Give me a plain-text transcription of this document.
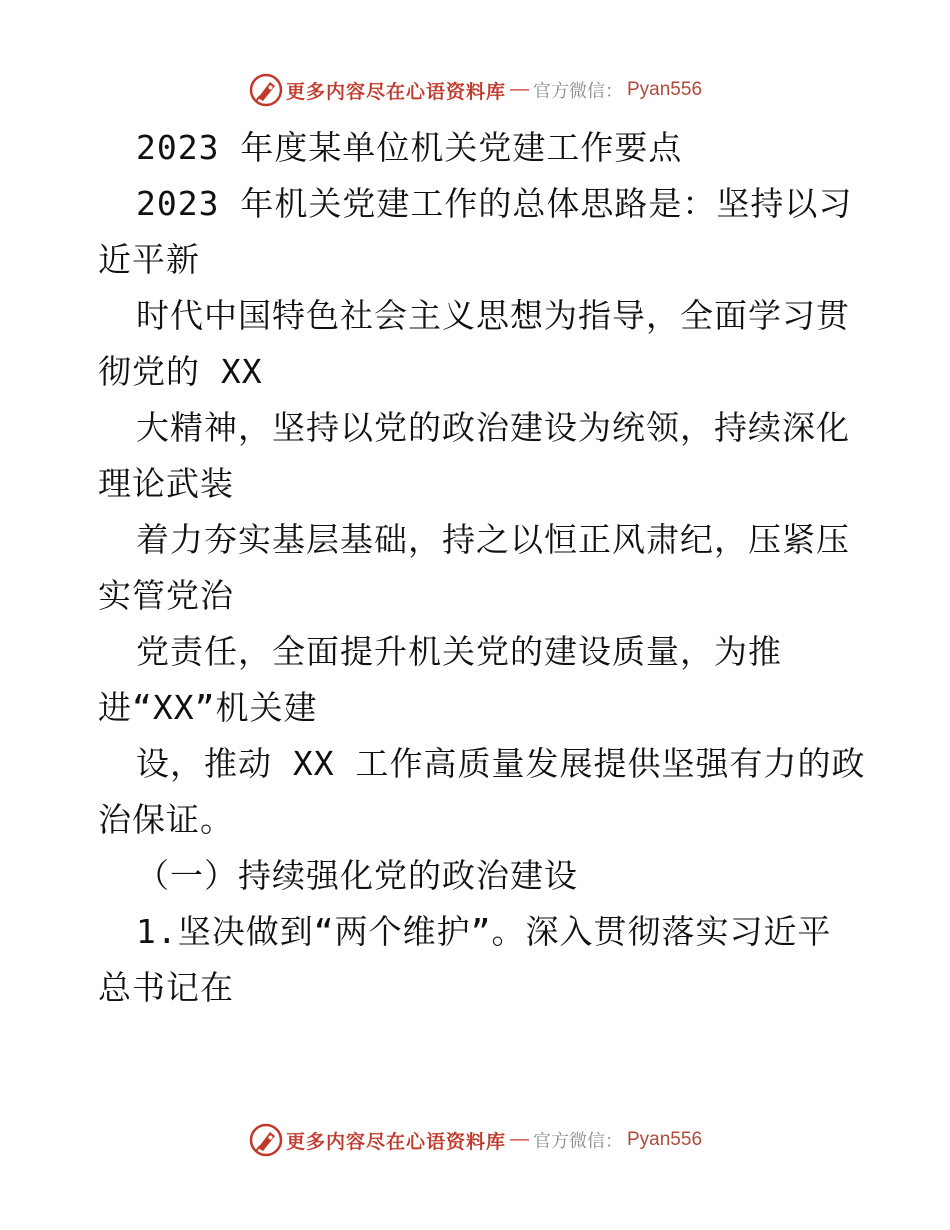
更多内容尽在心语资料库 — 官方微信： Pyan556
2023 年度某单位机关党建工作要点
2023 年机关党建工作的总体思路是：坚持以习
近平新
时代中国特色社会主义思想为指导，全面学习贯
彻党的 XX
大精神，坚持以党的政治建设为统领，持续深化
理论武装
着力夯实基层基础，持之以恒正风肃纪，压紧压
实管党治
党责任，全面提升机关党的建设质量，为推
进“XX”机关建
设，推动 XX 工作高质量发展提供坚强有力的政
治保证。
（一）持续强化党的政治建设
1.坚决做到“两个维护”。深入贯彻落实习近平
总书记在
更多内容尽在心语资料库 — 官方微信： Pyan556
